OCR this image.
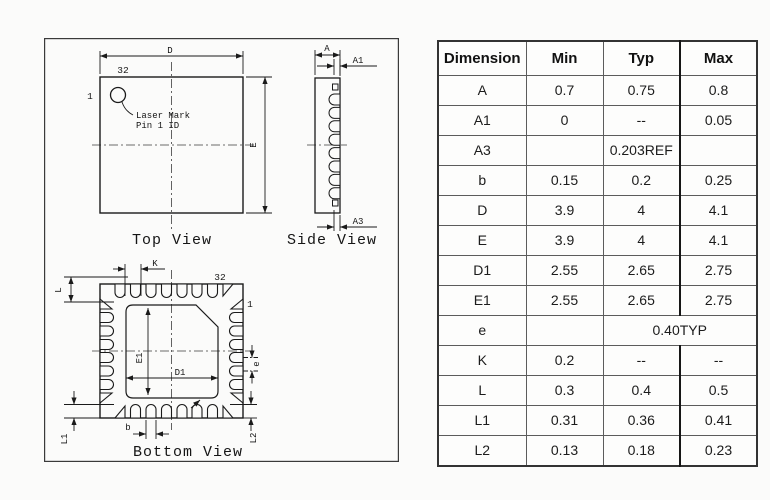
D
E
32
1
Laser Mark
Pin 1 ID
Top View
A
A1
A3
Side View
E1
D1
K
L
e
b
L1	L2
32
1
Bottom View
Dimension	Min	Typ	Max
A	0.7	0.75	0.8
A1	0	--	0.05
A3		0.203REF	
b	0.15	0.2	0.25
D	3.9	4	4.1
E	3.9	4	4.1
D1	2.55	2.65	2.75
E1	2.55	2.65	2.75
e		0.40TYP	
K	0.2	--	--
L	0.3	0.4	0.5
L1	0.31	0.36	0.41
L2	0.13	0.18	0.23
